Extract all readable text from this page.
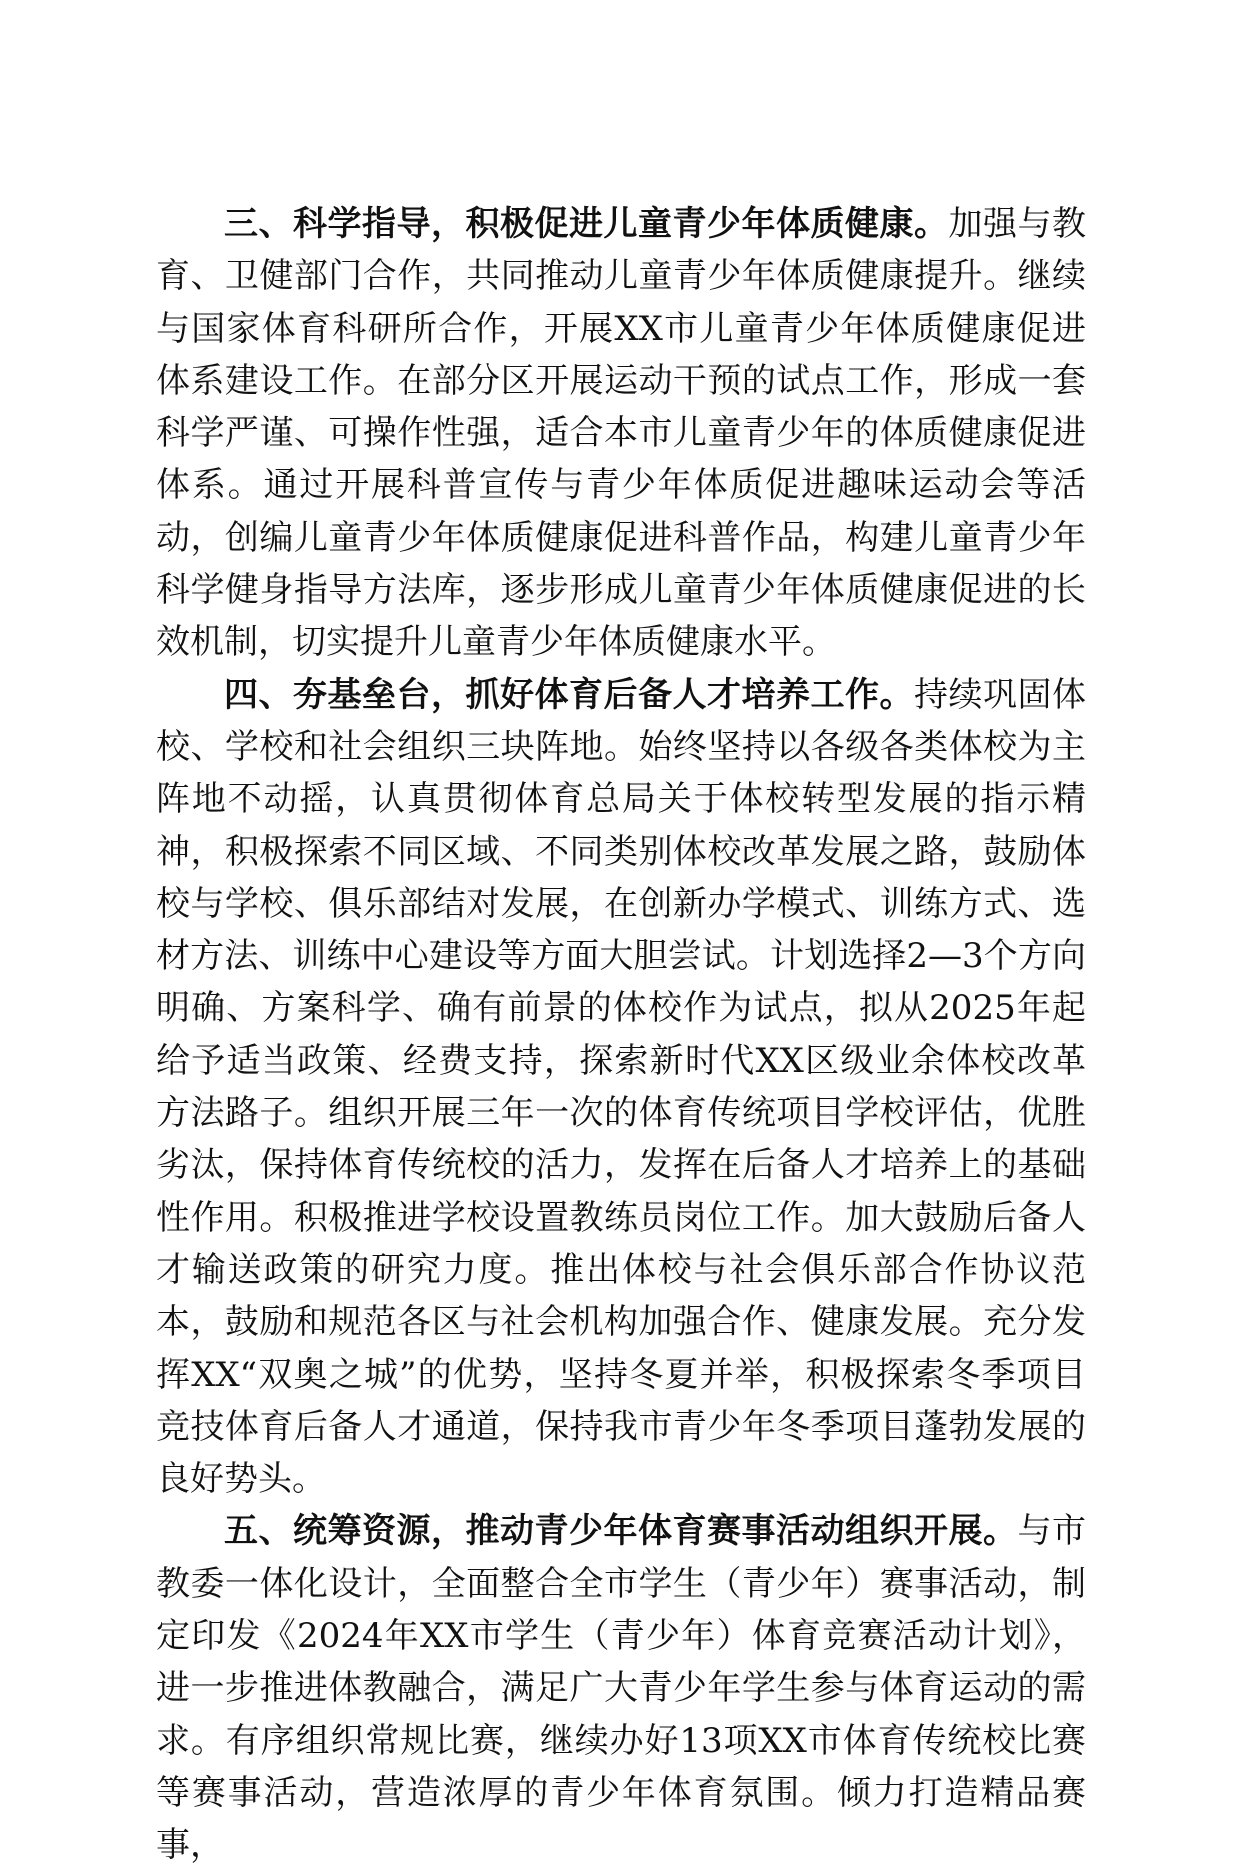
三、科学指导，积极促进儿童青少年体质健康。加强与教育、卫健部门合作，共同推动儿童青少年体质健康提升。继续与国家体育科研所合作，开展XX市儿童青少年体质健康促进体系建设工作。在部分区开展运动干预的试点工作，形成一套科学严谨、可操作性强，适合本市儿童青少年的体质健康促进体系。通过开展科普宣传与青少年体质促进趣味运动会等活动，创编儿童青少年体质健康促进科普作品，构建儿童青少年科学健身指导方法库，逐步形成儿童青少年体质健康促进的长效机制，切实提升儿童青少年体质健康水平。

四、夯基垒台，抓好体育后备人才培养工作。持续巩固体校、学校和社会组织三块阵地。始终坚持以各级各类体校为主阵地不动摇，认真贯彻体育总局关于体校转型发展的指示精神，积极探索不同区域、不同类别体校改革发展之路，鼓励体校与学校、俱乐部结对发展，在创新办学模式、训练方式、选材方法、训练中心建设等方面大胆尝试。计划选择2—3个方向明确、方案科学、确有前景的体校作为试点，拟从2025年起给予适当政策、经费支持，探索新时代XX区级业余体校改革方法路子。组织开展三年一次的体育传统项目学校评估，优胜劣汰，保持体育传统校的活力，发挥在后备人才培养上的基础性作用。积极推进学校设置教练员岗位工作。加大鼓励后备人才输送政策的研究力度。推出体校与社会俱乐部合作协议范本，鼓励和规范各区与社会机构加强合作、健康发展。充分发挥XX“双奥之城”的优势，坚持冬夏并举，积极探索冬季项目竞技体育后备人才通道，保持我市青少年冬季项目蓬勃发展的良好势头。

五、统筹资源，推动青少年体育赛事活动组织开展。与市教委一体化设计，全面整合全市学生（青少年）赛事活动，制定印发《2024年XX市学生（青少年）体育竞赛活动计划》，进一步推进体教融合，满足广大青少年学生参与体育运动的需求。有序组织常规比赛，继续办好13项XX市体育传统校比赛等赛事活动，营造浓厚的青少年体育氛围。倾力打造精品赛事，
